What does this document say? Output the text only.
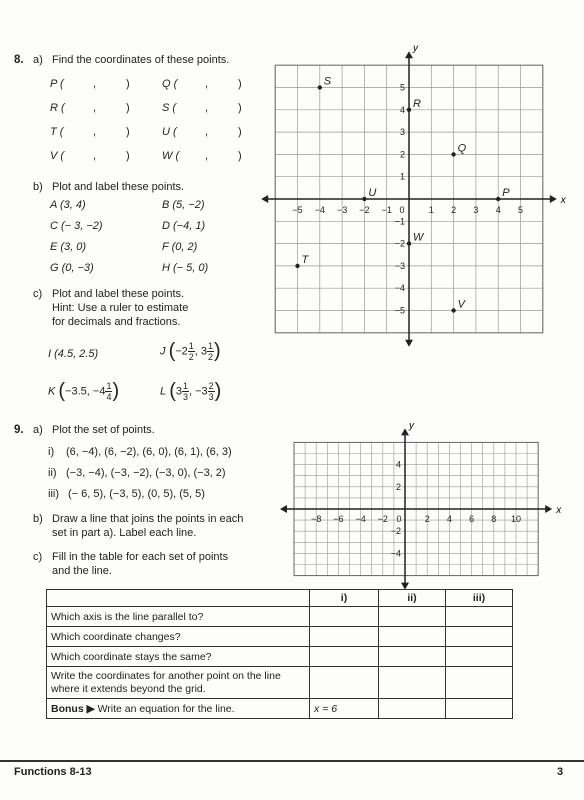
8. a) Find the coordinates of these points.
P (	,	)	Q (	,	)
R (	,	)	S (	,	)
T (	,	)	U (	,	)
V (	,	)	W ( ,	)
b) Plot and label these points.
A (3, 4)	B (5, −2)
C (− 3, −2)	D (−4, 1)
E (3, 0)	F (0, 2)
G (0, −3)	H (− 5, 0)
c) Plot and label these points.
Hint: Use a ruler to estimate
for decimals and fractions.
I (4.5, 2.5)	J ($-2 \frac{1}{2}$ , $3 \frac{1}{2}$ )
K (−3.5, $-4 \frac{1}{4}$ )	L ($3 \frac{1}{3}$ , $-3 \frac{2}{3}$ )
x
y
−5 −4 −3 −2 −1 0	1 2 3 4 5
5
4
3
2
1
−1
−2
−3
−4
−5
S
R
Q
U	P
W
T
V
9. a) Plot the set of points.
i) (6, −4), (6, −2), (6, 0), (6, 1), (6, 3)
ii) (−3, −4), (−3, −2), (−3, 0), (−3, 2)
iii) (− 6, 5), (−3, 5), (0, 5), (5, 5)
b) Draw a line that joins the points in each
set in part a). Label each line.
c) Fill in the table for each set of points
and the line.
x
y
−8 −6 −4 −2 0	2 4 6 8 10
4
2
−2
−4
	i)	ii)	iii)
Which axis is the line parallel to?			
Which coordinate changes?			
Which coordinate stays the same?			
Write the coordinates for another point on the line where it extends beyond the grid.			
Bonus ▶ Write an equation for the line.	x = 6		
Functions 8-13	3
